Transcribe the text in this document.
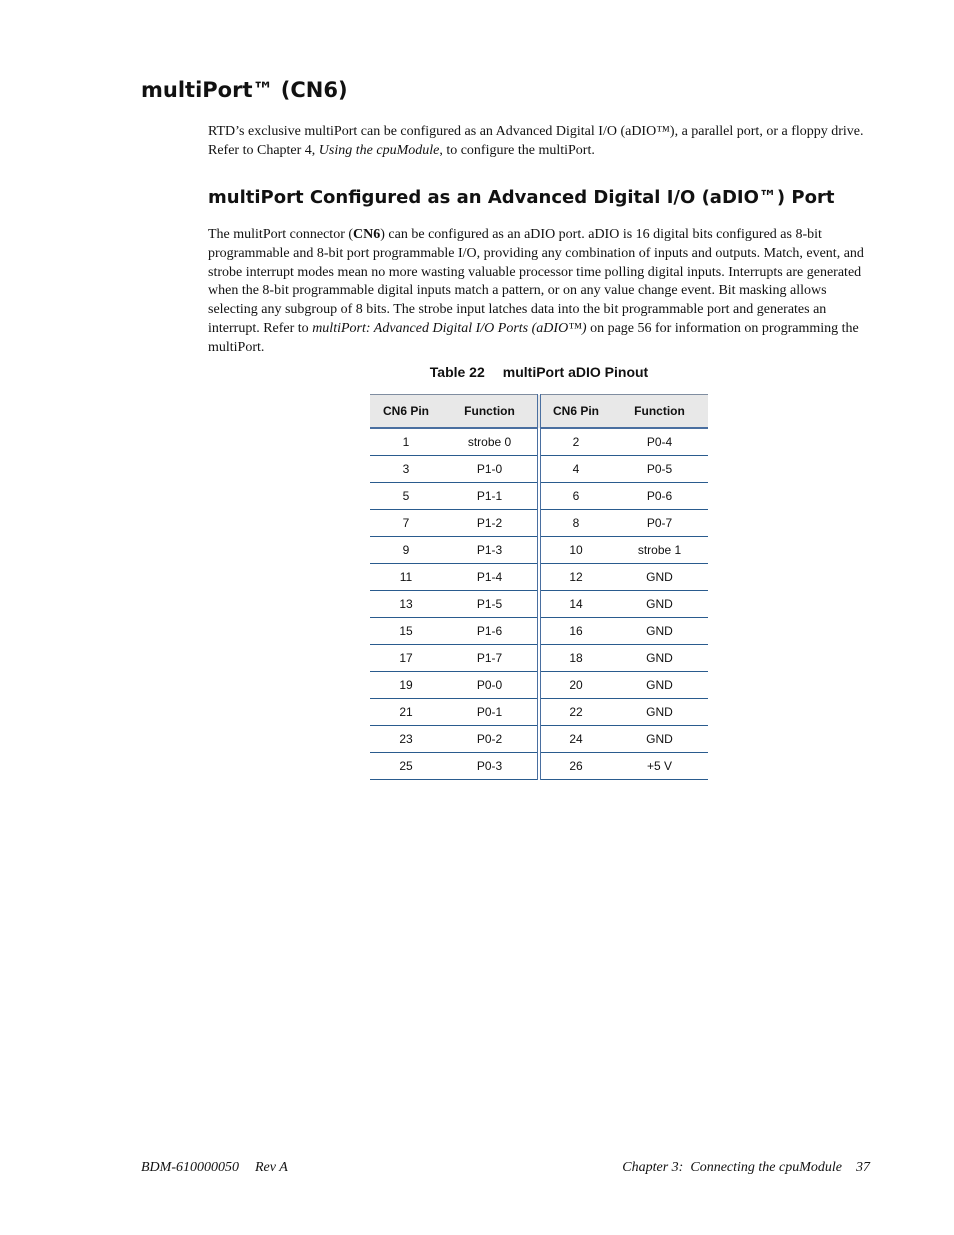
multiPort™ (CN6)

RTD’s exclusive multiPort can be configured as an Advanced Digital I/O (aDIO™), a parallel port, or a floppy drive. Refer to Chapter 4, Using the cpuModule, to configure the multiPort.

multiPort Configured as an Advanced Digital I/O (aDIO™) Port

The mulitPort connector (CN6) can be configured as an aDIO port. aDIO is 16 digital bits configured as 8-bit programmable and 8-bit port programmable I/O, providing any combination of inputs and outputs. Match, event, and strobe interrupt modes mean no more wasting valuable processor time polling digital inputs. Interrupts are generated when the 8-bit programmable digital inputs match a pattern, or on any value change event. Bit masking allows selecting any subgroup of 8 bits. The strobe input latches data into the bit programmable port and generates an interrupt. Refer to multiPort: Advanced Digital I/O Ports (aDIO™) on page 56 for information on programming the multiPort.

Table 22 multiPort aDIO Pinout
CN6 Pin	Function	CN6 Pin	Function
1	strobe 0	2	P0-4
3	P1-0	4	P0-5
5	P1-1	6	P0-6
7	P1-2	8	P0-7
9	P1-3	10	strobe 1
11	P1-4	12	GND
13	P1-5	14	GND
15	P1-6	16	GND
17	P1-7	18	GND
19	P0-0	20	GND
21	P0-1	22	GND
23	P0-2	24	GND
25	P0-3	26	+5 V
BDM-610000050 Rev A	Chapter 3: Connecting the cpuModule 37
